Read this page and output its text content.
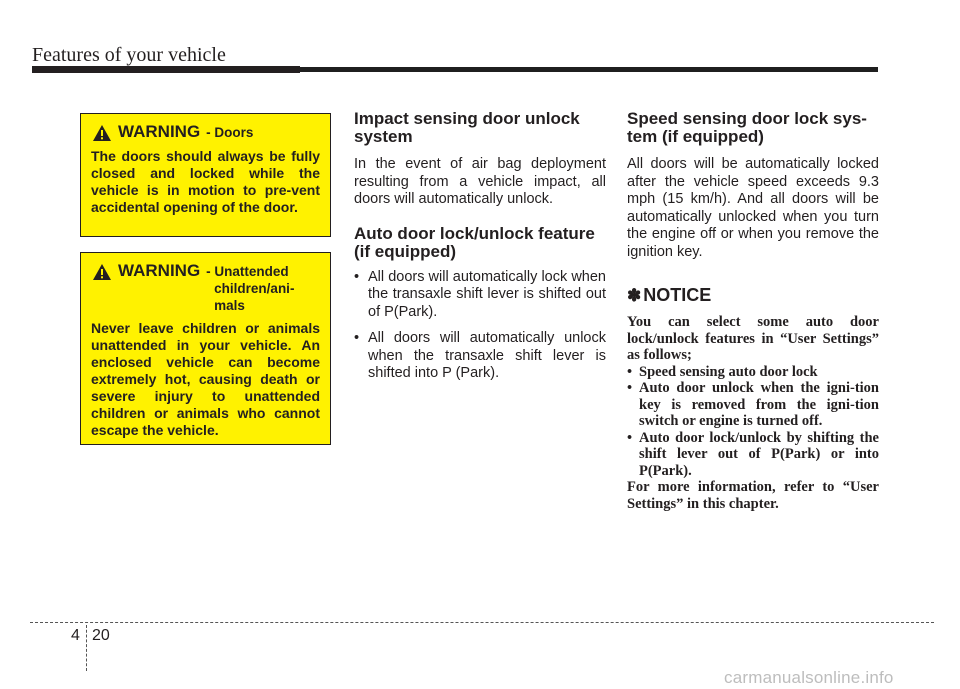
Features of your vehicle
WARNING - Doors
The doors should always be fully closed and locked while the vehicle is in motion to pre-vent accidental opening of the door.
WARNING - Unattended
children/ani-
mals
Never leave children or animals unattended in your vehicle. An enclosed vehicle can become extremely hot, causing death or severe injury to unattended children or animals who cannot escape the vehicle.
Impact sensing door unlock
system

In the event of air bag deployment resulting from a vehicle impact, all doors will automatically unlock.

Auto door lock/unlock feature
(if equipped)
• All doors will automatically lock when the transaxle shift lever is shifted out of P(Park).
• All doors will automatically unlock when the transaxle shift lever is shifted into P (Park).
Speed sensing door lock sys-
tem (if equipped)

All doors will be automatically locked after the vehicle speed exceeds 9.3 mph (15 km/h). And all doors will be automatically unlocked when you turn the engine off or when you remove the ignition key.

✽ NOTICE
You can select some auto door lock/unlock features in “User Settings” as follows;
• Speed sensing auto door lock
• Auto door unlock when the igni-tion key is removed from the igni-tion switch or engine is turned off.
• Auto door lock/unlock by shifting the shift lever out of P(Park) or into P(Park).
For more information, refer to “User Settings” in this chapter.
4 20
carmanualsonline.info
